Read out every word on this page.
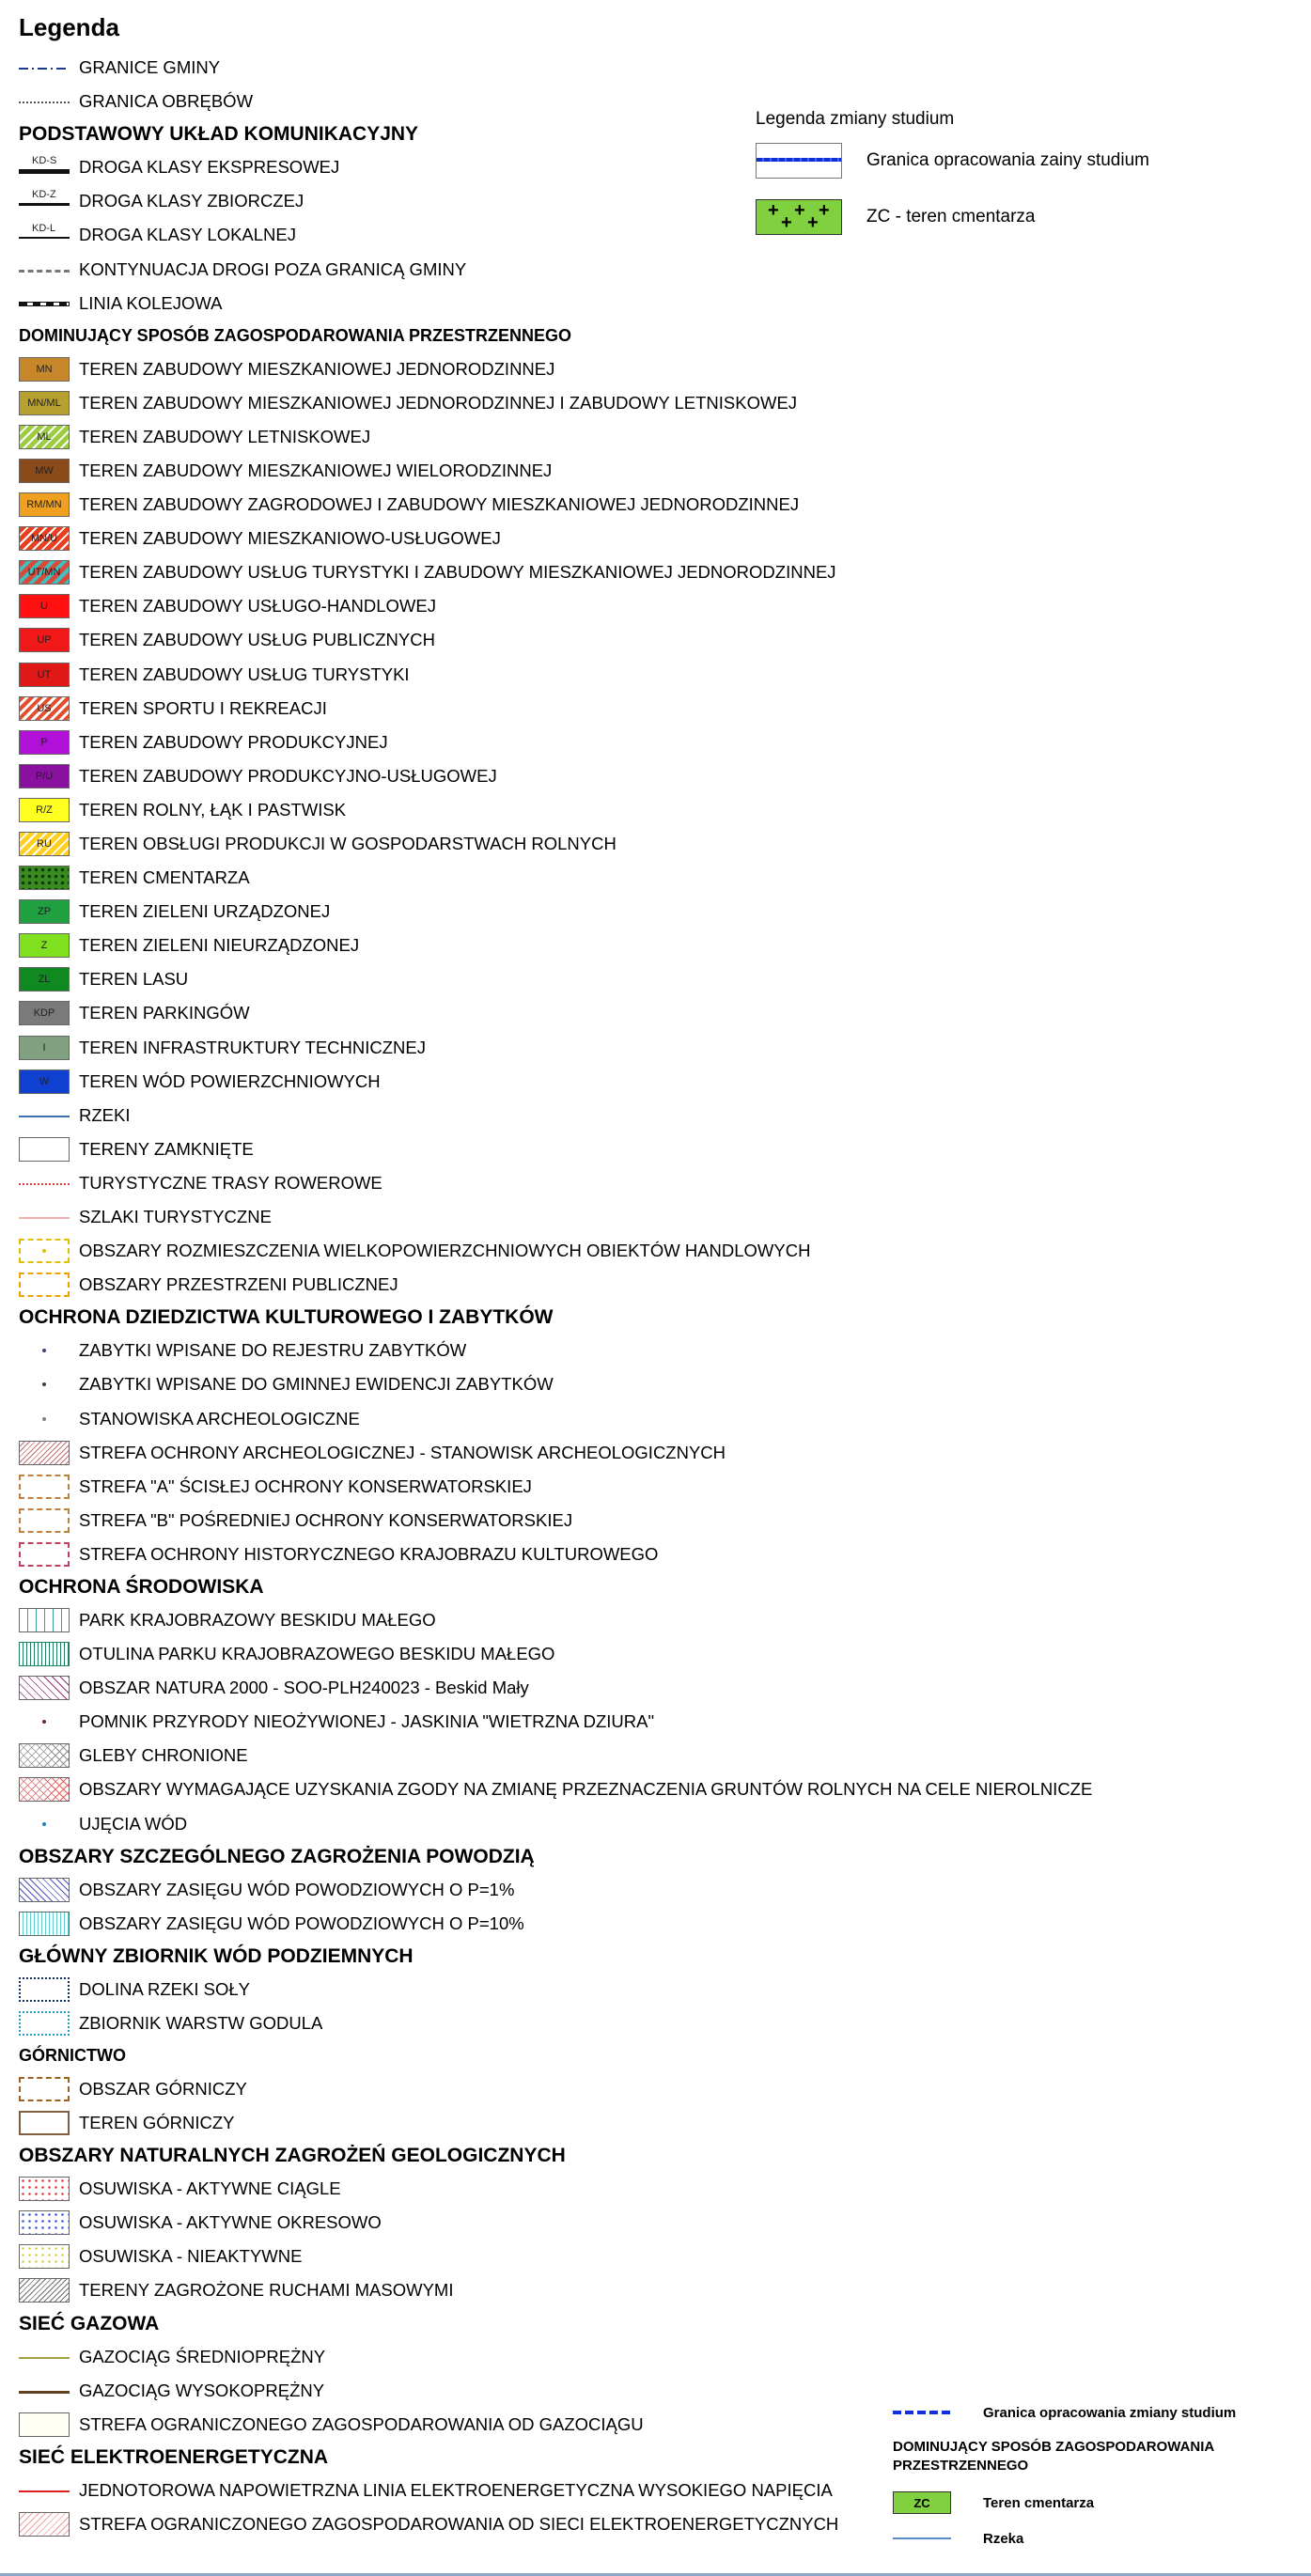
Legenda
GRANICE GMINY
GRANICA OBRĘBÓW
PODSTAWOWY UKŁAD KOMUNIKACYJNY
KD-S DROGA KLASY EKSPRESOWEJ
KD-Z DROGA KLASY ZBIORCZEJ
KD-L DROGA KLASY LOKALNEJ
KONTYNUACJA DROGI POZA GRANICĄ GMINY
LINIA KOLEJOWA
DOMINUJĄCY SPOSÓB ZAGOSPODAROWANIA PRZESTRZENNEGO
MN TEREN ZABUDOWY MIESZKANIOWEJ JEDNORODZINNEJ
MN/ML TEREN ZABUDOWY MIESZKANIOWEJ JEDNORODZINNEJ I ZABUDOWY LETNISKOWEJ
ML TEREN ZABUDOWY LETNISKOWEJ
MW TEREN ZABUDOWY MIESZKANIOWEJ WIELORODZINNEJ
RM/MN TEREN ZABUDOWY ZAGRODOWEJ I ZABUDOWY MIESZKANIOWEJ JEDNORODZINNEJ
MN/U TEREN ZABUDOWY MIESZKANIOWO-USŁUGOWEJ
UT/MN TEREN ZABUDOWY USŁUG TURYSTYKI I ZABUDOWY MIESZKANIOWEJ JEDNORODZINNEJ
U TEREN ZABUDOWY USŁUGO-HANDLOWEJ
UP TEREN ZABUDOWY USŁUG PUBLICZNYCH
UT TEREN ZABUDOWY USŁUG TURYSTYKI
US TEREN SPORTU I REKREACJI
P TEREN ZABUDOWY PRODUKCYJNEJ
P/U TEREN ZABUDOWY PRODUKCYJNO-USŁUGOWEJ
R/Z TEREN ROLNY, ŁĄK I PASTWISK
RU TEREN OBSŁUGI PRODUKCJI W GOSPODARSTWACH ROLNYCH
TEREN CMENTARZA
ZP TEREN ZIELENI URZĄDZONEJ
Z TEREN ZIELENI NIEURZĄDZONEJ
ZL TEREN LASU
KDP TEREN PARKINGÓW
I TEREN INFRASTRUKTURY TECHNICZNEJ
W TEREN WÓD POWIERZCHNIOWYCH
RZEKI
TERENY ZAMKNIĘTE
TURYSTYCZNE TRASY ROWEROWE
SZLAKI TURYSTYCZNE
OBSZARY ROZMIESZCZENIA WIELKOPOWIERZCHNIOWYCH OBIEKTÓW HANDLOWYCH
OBSZARY PRZESTRZENI PUBLICZNEJ
OCHRONA DZIEDZICTWA KULTUROWEGO I ZABYTKÓW
ZABYTKI WPISANE DO REJESTRU ZABYTKÓW
ZABYTKI WPISANE DO GMINNEJ EWIDENCJI ZABYTKÓW
STANOWISKA ARCHEOLOGICZNE
STREFA OCHRONY ARCHEOLOGICZNEJ - STANOWISK ARCHEOLOGICZNYCH
STREFA "A" ŚCISŁEJ OCHRONY KONSERWATORSKIEJ
STREFA "B" POŚREDNIEJ OCHRONY KONSERWATORSKIEJ
STREFA OCHRONY HISTORYCZNEGO KRAJOBRAZU KULTUROWEGO
OCHRONA ŚRODOWISKA
PARK KRAJOBRAZOWY BESKIDU MAŁEGO
OTULINA PARKU KRAJOBRAZOWEGO BESKIDU MAŁEGO
OBSZAR NATURA 2000 - SOO-PLH240023 - Beskid Mały
POMNIK PRZYRODY NIEOŻYWIONEJ - JASKINIA "WIETRZNA DZIURA"
GLEBY CHRONIONE
OBSZARY WYMAGAJĄCE UZYSKANIA ZGODY NA ZMIANĘ PRZEZNACZENIA GRUNTÓW ROLNYCH NA CELE NIEROLNICZE
UJĘCIA WÓD
OBSZARY SZCZEGÓLNEGO ZAGROŻENIA POWODZIĄ
OBSZARY ZASIĘGU WÓD POWODZIOWYCH O P=1%
OBSZARY ZASIĘGU WÓD POWODZIOWYCH O P=10%
GŁÓWNY ZBIORNIK WÓD PODZIEMNYCH
DOLINA RZEKI SOŁY
ZBIORNIK WARSTW GODULA
GÓRNICTWO
OBSZAR GÓRNICZY
TEREN GÓRNICZY
OBSZARY NATURALNYCH ZAGROŻEŃ GEOLOGICZNYCH
OSUWISKA - AKTYWNE CIĄGLE
OSUWISKA - AKTYWNE OKRESOWO
OSUWISKA - NIEAKTYWNE
TERENY ZAGROŻONE RUCHAMI MASOWYMI
SIEĆ GAZOWA
GAZOCIĄG ŚREDNIOPRĘŻNY
GAZOCIĄG WYSOKOPRĘŻNY
STREFA OGRANICZONEGO ZAGOSPODAROWANIA OD GAZOCIĄGU
SIEĆ ELEKTROENERGETYCZNA
JEDNOTOROWA NAPOWIETRZNA LINIA ELEKTROENERGETYCZNA WYSOKIEGO NAPIĘCIA
STREFA OGRANICZONEGO ZAGOSPODAROWANIA OD SIECI ELEKTROENERGETYCZNYCH
Legenda zmiany studium
Granica opracowania zainy studium
+ + +
+ +	ZC - teren cmentarza
Granica opracowania zmiany studium
DOMINUJĄCY SPOSÓB ZAGOSPODAROWANIA PRZESTRZENNEGO
ZC	Teren cmentarza
Rzeka
